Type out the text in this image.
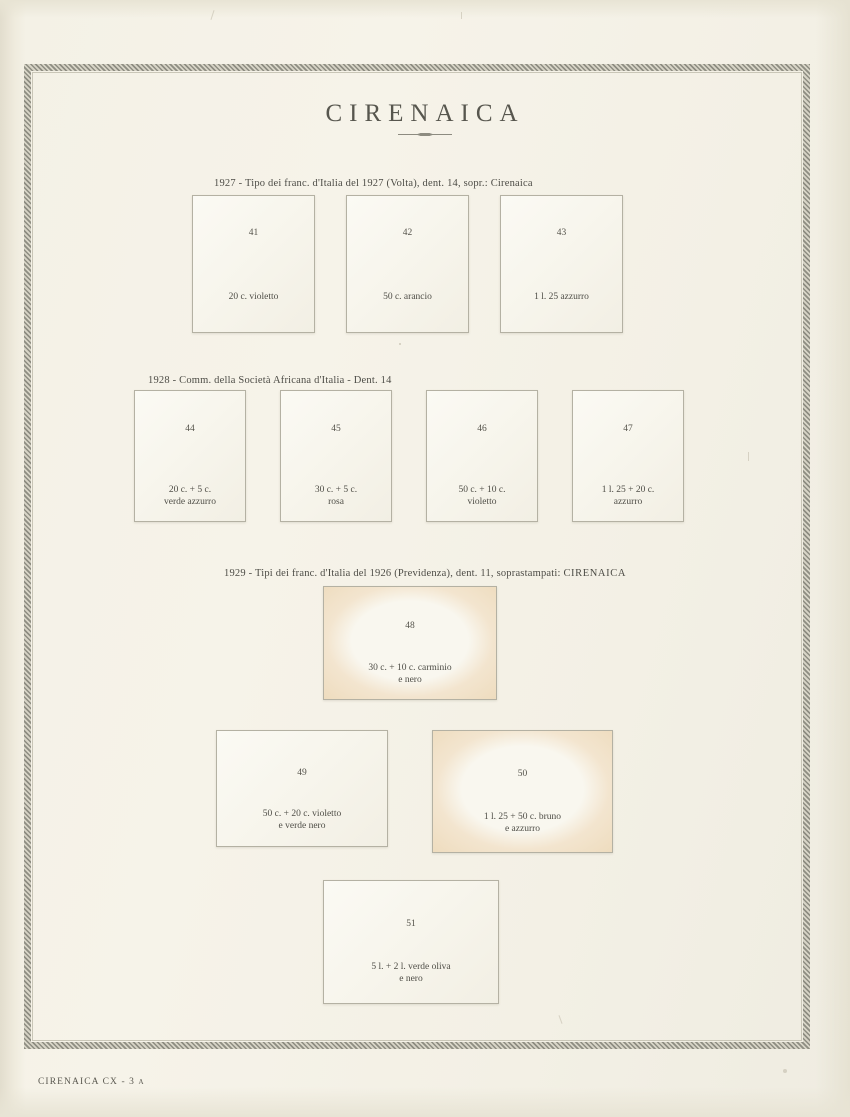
CIRENAICA
1927 - Tipo dei franc. d'Italia del 1927 (Volta), dent. 14, sopr.: Cirenaica
41
20 c. violetto
42
50 c. arancio
43
1 l. 25 azzurro
1928 - Comm. della Società Africana d'Italia - Dent. 14
44
20 c. + 5 c.
verde azzurro
45
30 c. + 5 c.
rosa
46
50 c. + 10 c.
violetto
47
1 l. 25 + 20 c.
azzurro
1929 - Tipi dei franc. d'Italia del 1926 (Previdenza), dent. 11, soprastampati: CIRENAICA
48
30 c. + 10 c. carminio
e nero
49
50 c. + 20 c. violetto
e verde nero
50
1 l. 25 + 50 c. bruno
e azzurro
51
5 l. + 2 l. verde oliva
e nero
CIRENAICA CX - 3 a
